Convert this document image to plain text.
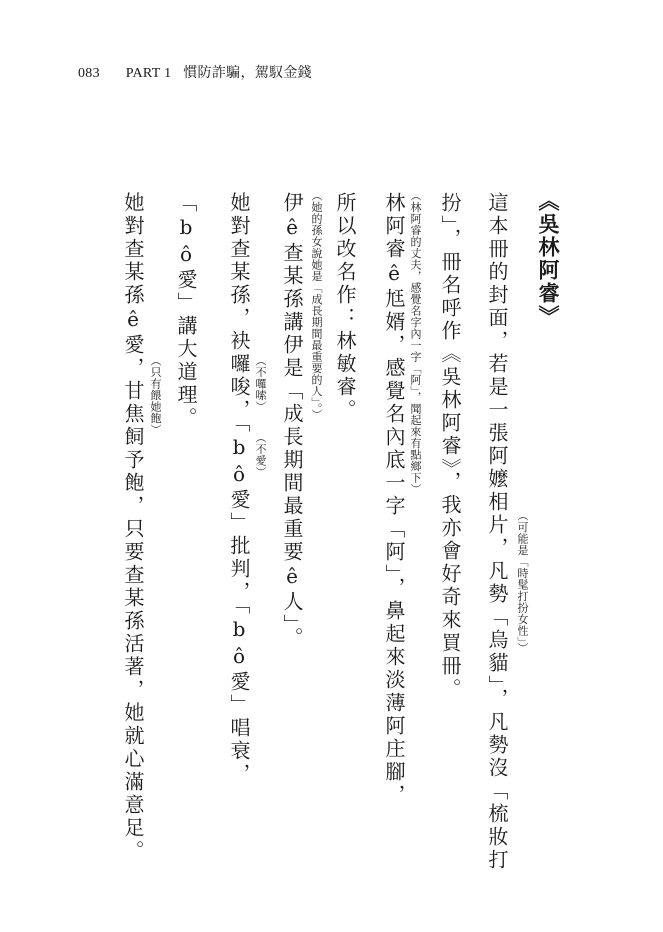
083 PART 1 慣防詐騙，駕馭金錢
《吳林阿睿》
這本冊的封面，若是一張阿嬤相片，凡勢「烏貓」，凡勢沒「梳妝打
扮」，冊名呼作《吳林阿睿》，我亦會好奇來買冊。
林阿睿ê尪婿，感覺名內底一字「阿」，鼻起來淡薄阿庄腳，
所以改名作：林敏睿。
伊ê查某孫講伊是「成長期間最重要ê人」。
她對查某孫，袂囉唆，「bô愛」批判，「bô愛」唱衰，
「bô愛」講大道理。
她對查某孫ê愛，甘焦飼予飽，只要查某孫活著，她就心滿意足。	（可能是「時髦打扮女性」）
（林阿睿的丈夫，感覺名字內一字「阿」，聞起來有點鄉下）
（她的孫女說她是「成長期間最重要的人」。）
（不囉嗦）
（不愛）
（只有餵她飽）
